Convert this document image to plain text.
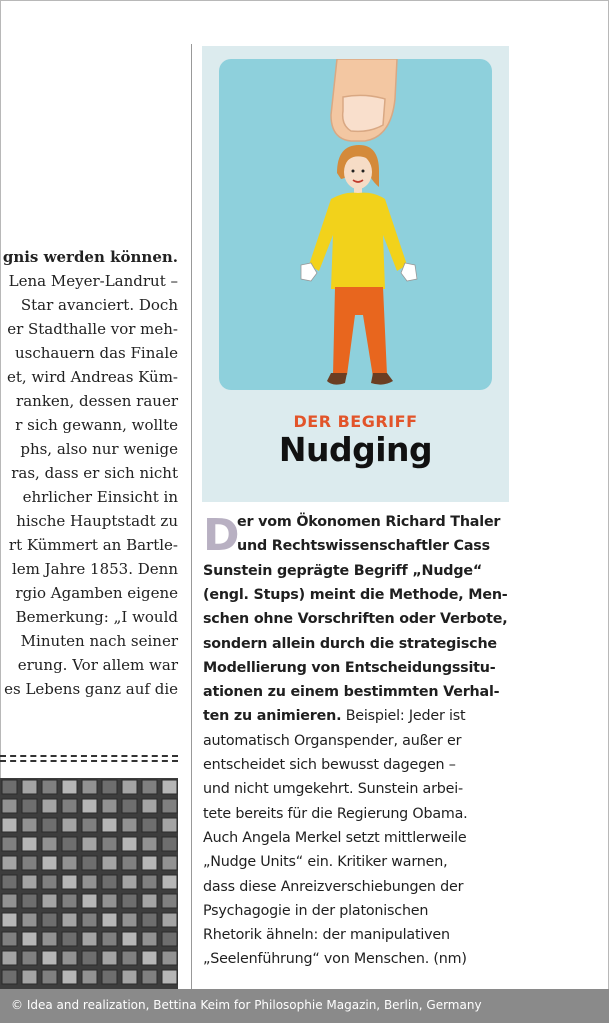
gnis werden können.
Lena Meyer-Landrut –
Star avanciert. Doch
er Stadthalle vor meh-
uschauern das Finale
et, wird Andreas Küm-
ranken, dessen rauer
r sich gewann, wollte
phs, also nur wenige
ras, dass er sich nicht
ehrlicher Einsicht in
hische Hauptstadt zu
rt Kümmert an Bartle-
lem Jahre 1853. Denn
rgio Agamben eigene
Bemerkung: „I would
Minuten nach seiner
erung. Vor allem war
es Lebens ganz auf die
DER BEGRIFF
Nudging
D
er vom Ökonomen Richard Thaler
und Rechtswissenschaftler Cass
Sunstein geprägte Begriff „Nudge“
(engl. Stups) meint die Methode, Men-
schen ohne Vorschriften oder Verbote,
sondern allein durch die strategische
Modellierung von Entscheidungssitu-
ationen zu einem bestimmten Verhal-
ten zu animieren. Beispiel: Jeder ist
automatisch Organspender, außer er
entscheidet sich bewusst dagegen –
und nicht umgekehrt. Sunstein arbei-
tete bereits für die Regierung Obama.
Auch Angela Merkel setzt mittlerweile
„Nudge Units“ ein. Kritiker warnen,
dass diese Anreizverschiebungen der
Psychagogie in der platonischen
Rhetorik ähneln: der manipulativen
„Seelenführung“ von Menschen. (nm)
© Idea and realization, Bettina Keim for Philosophie Magazin, Berlin, Germany
